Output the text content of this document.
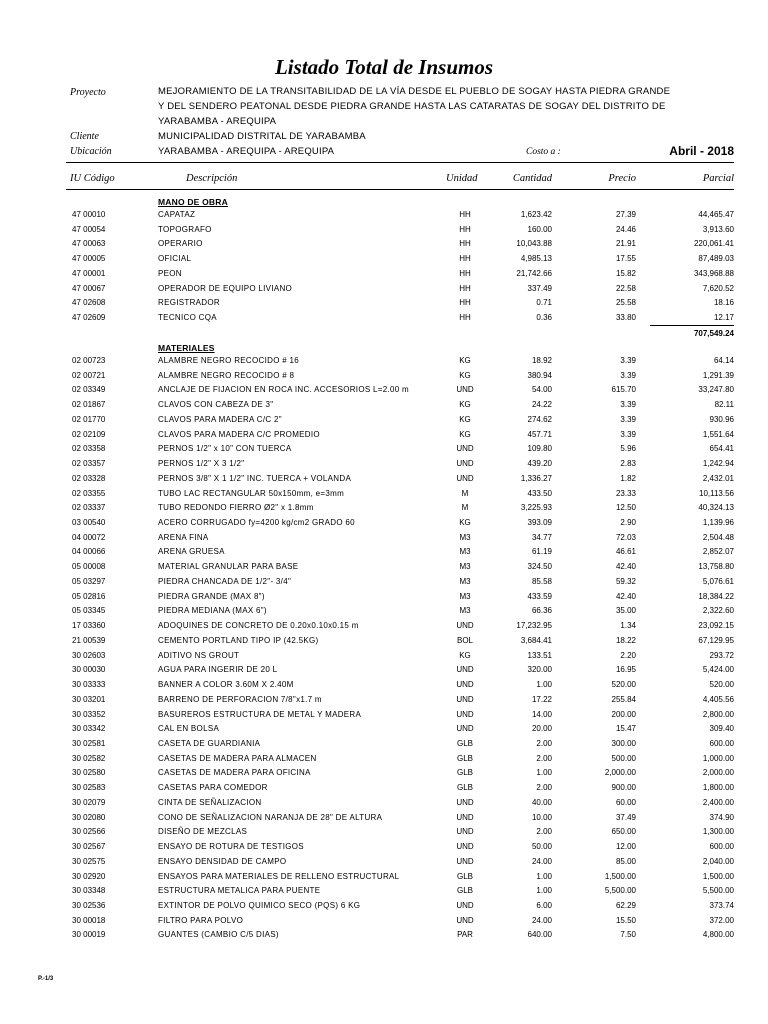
Listado Total de Insumos
Proyecto	MEJORAMIENTO DE LA TRANSITABILIDAD DE LA VÍA DESDE EL PUEBLO DE SOGAY HASTA PIEDRA GRANDE
Y DEL SENDERO PEATONAL DESDE PIEDRA GRANDE HASTA LAS CATARATAS DE SOGAY DEL DISTRITO DE
YARABAMBA - AREQUIPA
Cliente	MUNICIPALIDAD DISTRITAL DE YARABAMBA
Ubicación	YARABAMBA - AREQUIPA - AREQUIPA	Costo a :	Abril - 2018
IU Código	Descripción	Unidad	Cantidad	Precio	Parcial
MANO DE OBRA
47 00010	CAPATAZ	HH	1,623.42	27.39	44,465.47
47 00054	TOPOGRAFO	HH	160.00	24.46	3,913.60
47 00063	OPERARIO	HH	10,043.88	21.91	220,061.41
47 00005	OFICIAL	HH	4,985.13	17.55	87,489.03
47 00001	PEON	HH	21,742.66	15.82	343,968.88
47 00067	OPERADOR DE EQUIPO LIVIANO	HH	337.49	22.58	7,620.52
47 02608	REGISTRADOR	HH	0.71	25.58	18.16
47 02609	TECNICO CQA	HH	0.36	33.80	12.17
707,549.24
MATERIALES
02 00723	ALAMBRE NEGRO RECOCIDO # 16	KG	18.92	3.39	64.14
02 00721	ALAMBRE NEGRO RECOCIDO # 8	KG	380.94	3.39	1,291.39
02 03349	ANCLAJE DE FIJACION EN ROCA INC. ACCESORIOS L=2.00 m	UND	54.00	615.70	33,247.80
02 01867	CLAVOS CON CABEZA DE 3"	KG	24.22	3.39	82.11
02 01770	CLAVOS PARA MADERA C/C 2"	KG	274.62	3.39	930.96
02 02109	CLAVOS PARA MADERA C/C PROMEDIO	KG	457.71	3.39	1,551.64
02 03358	PERNOS 1/2" x 10" CON TUERCA	UND	109.80	5.96	654.41
02 03357	PERNOS 1/2" X 3 1/2"	UND	439.20	2.83	1,242.94
02 03328	PERNOS 3/8" X 1 1/2" INC. TUERCA + VOLANDA	UND	1,336.27	1.82	2,432.01
02 03355	TUBO LAC RECTANGULAR 50x150mm, e=3mm	M	433.50	23.33	10,113.56
02 03337	TUBO REDONDO FIERRO Ø2" x 1.8mm	M	3,225.93	12.50	40,324.13
03 00540	ACERO CORRUGADO fy=4200 kg/cm2 GRADO 60	KG	393.09	2.90	1,139.96
04 00072	ARENA FINA	M3	34.77	72.03	2,504.48
04 00066	ARENA GRUESA	M3	61.19	46.61	2,852.07
05 00008	MATERIAL GRANULAR PARA BASE	M3	324.50	42.40	13,758.80
05 03297	PIEDRA CHANCADA DE 1/2"- 3/4"	M3	85.58	59.32	5,076.61
05 02816	PIEDRA GRANDE (MAX 8")	M3	433.59	42.40	18,384.22
05 03345	PIEDRA MEDIANA (MAX 6")	M3	66.36	35.00	2,322.60
17 03360	ADOQUINES DE CONCRETO DE 0.20x0.10x0.15 m	UND	17,232.95	1.34	23,092.15
21 00539	CEMENTO PORTLAND TIPO IP (42.5KG)	BOL	3,684.41	18.22	67,129.95
30 02603	ADITIVO NS GROUT	KG	133.51	2.20	293.72
30 00030	AGUA PARA INGERIR DE 20 L	UND	320.00	16.95	5,424.00
30 03333	BANNER A COLOR 3.60M X 2.40M	UND	1.00	520.00	520.00
30 03201	BARRENO DE PERFORACION 7/8"x1.7 m	UND	17.22	255.84	4,405.56
30 03352	BASUREROS ESTRUCTURA DE METAL Y MADERA	UND	14.00	200.00	2,800.00
30 03342	CAL EN BOLSA	UND	20.00	15.47	309.40
30 02581	CASETA DE GUARDIANIA	GLB	2.00	300.00	600.00
30 02582	CASETAS DE MADERA PARA ALMACEN	GLB	2.00	500.00	1,000.00
30 02580	CASETAS DE MADERA PARA OFICINA	GLB	1.00	2,000.00	2,000.00
30 02583	CASETAS PARA COMEDOR	GLB	2.00	900.00	1,800.00
30 02079	CINTA DE SEÑALIZACION	UND	40.00	60.00	2,400.00
30 02080	CONO DE SEÑALIZACION NARANJA DE 28" DE ALTURA	UND	10.00	37.49	374.90
30 02566	DISEÑO DE MEZCLAS	UND	2.00	650.00	1,300.00
30 02567	ENSAYO DE ROTURA DE TESTIGOS	UND	50.00	12.00	600.00
30 02575	ENSAYO DENSIDAD DE CAMPO	UND	24.00	85.00	2,040.00
30 02920	ENSAYOS PARA MATERIALES DE RELLENO ESTRUCTURAL	GLB	1.00	1,500.00	1,500.00
30 03348	ESTRUCTURA METALICA PARA PUENTE	GLB	1.00	5,500.00	5,500.00
30 02536	EXTINTOR DE POLVO QUIMICO SECO (PQS) 6 KG	UND	6.00	62.29	373.74
30 00018	FILTRO PARA POLVO	UND	24.00	15.50	372.00
30 00019	GUANTES (CAMBIO C/5 DIAS)	PAR	640.00	7.50	4,800.00
P.-1/3
